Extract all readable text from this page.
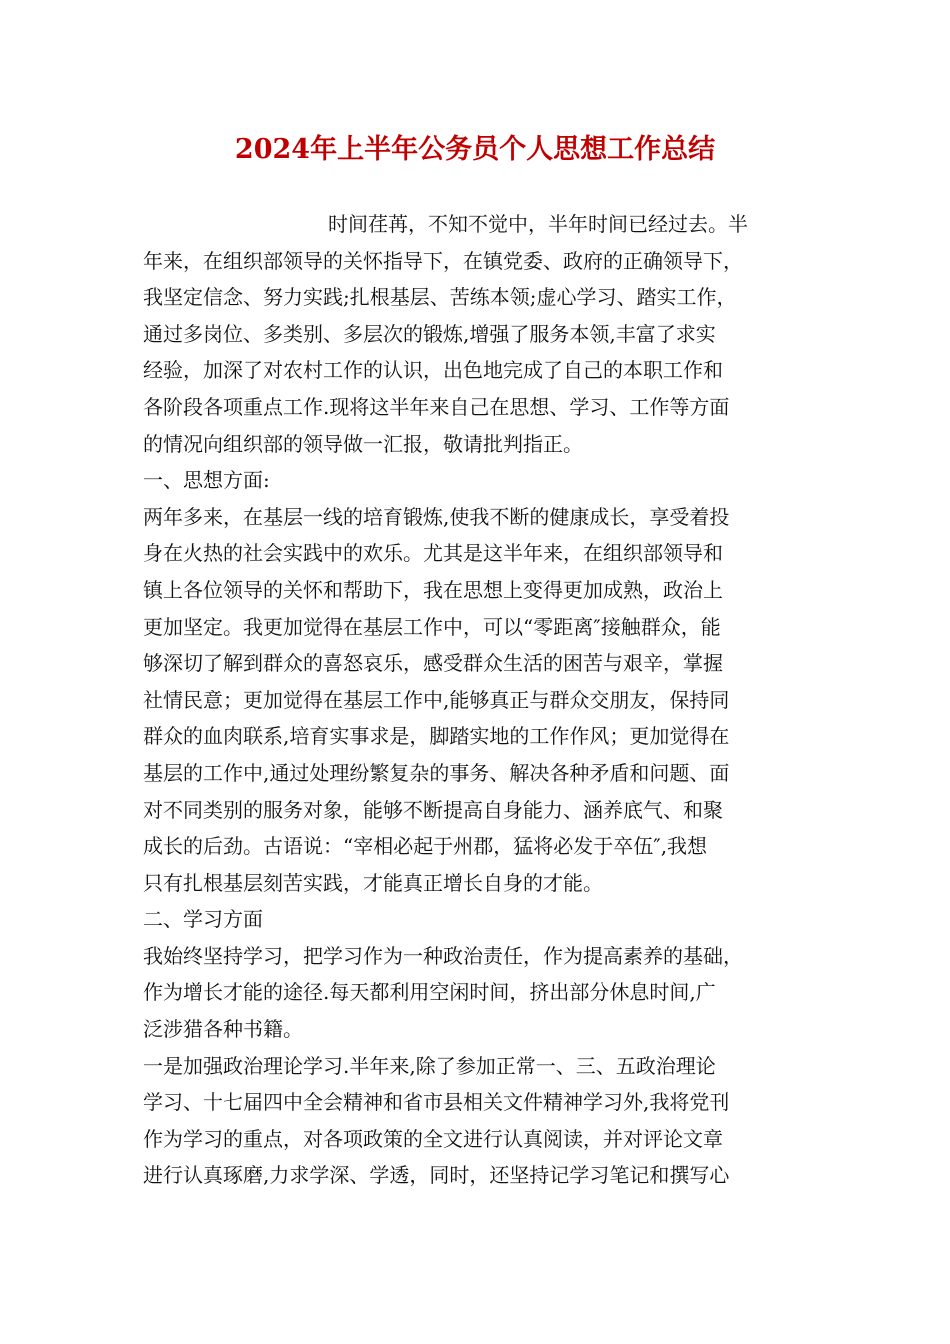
2024年上半年公务员个人思想工作总结
时间荏苒，不知不觉中，半年时间已经过去。半
年来，在组织部领导的关怀指导下，在镇党委、政府的正确领导下，
我坚定信念、努力实践;扎根基层、苦练本领;虚心学习、踏实工作，
通过多岗位、多类别、多层次的锻炼,增强了服务本领,丰富了求实
经验，加深了对农村工作的认识，出色地完成了自己的本职工作和
各阶段各项重点工作.现将这半年来自己在思想、学习、工作等方面
的情况向组织部的领导做一汇报，敬请批判指正。
一、思想方面:
两年多来，在基层一线的培育锻炼,使我不断的健康成长，享受着投
身在火热的社会实践中的欢乐。尤其是这半年来，在组织部领导和
镇上各位领导的关怀和帮助下，我在思想上变得更加成熟，政治上
更加坚定。我更加觉得在基层工作中，可以“零距离″接触群众，能
够深切了解到群众的喜怒哀乐，感受群众生活的困苦与艰辛，掌握
社情民意；更加觉得在基层工作中,能够真正与群众交朋友，保持同
群众的血肉联系,培育实事求是，脚踏实地的工作作风；更加觉得在
基层的工作中,通过处理纷繁复杂的事务、解决各种矛盾和问题、面
对不同类别的服务对象，能够不断提高自身能力、涵养底气、和聚
成长的后劲。古语说：“宰相必起于州郡，猛将必发于卒伍″,我想
只有扎根基层刻苦实践，才能真正增长自身的才能。
二、学习方面
我始终坚持学习，把学习作为一种政治责任，作为提高素养的基础，
作为增长才能的途径.每天都利用空闲时间，挤出部分休息时间,广
泛涉猎各种书籍。
一是加强政治理论学习.半年来,除了参加正常一、三、五政治理论
学习、十七届四中全会精神和省市县相关文件精神学习外,我将党刊
作为学习的重点，对各项政策的全文进行认真阅读，并对评论文章
进行认真琢磨,力求学深、学透，同时，还坚持记学习笔记和撰写心
